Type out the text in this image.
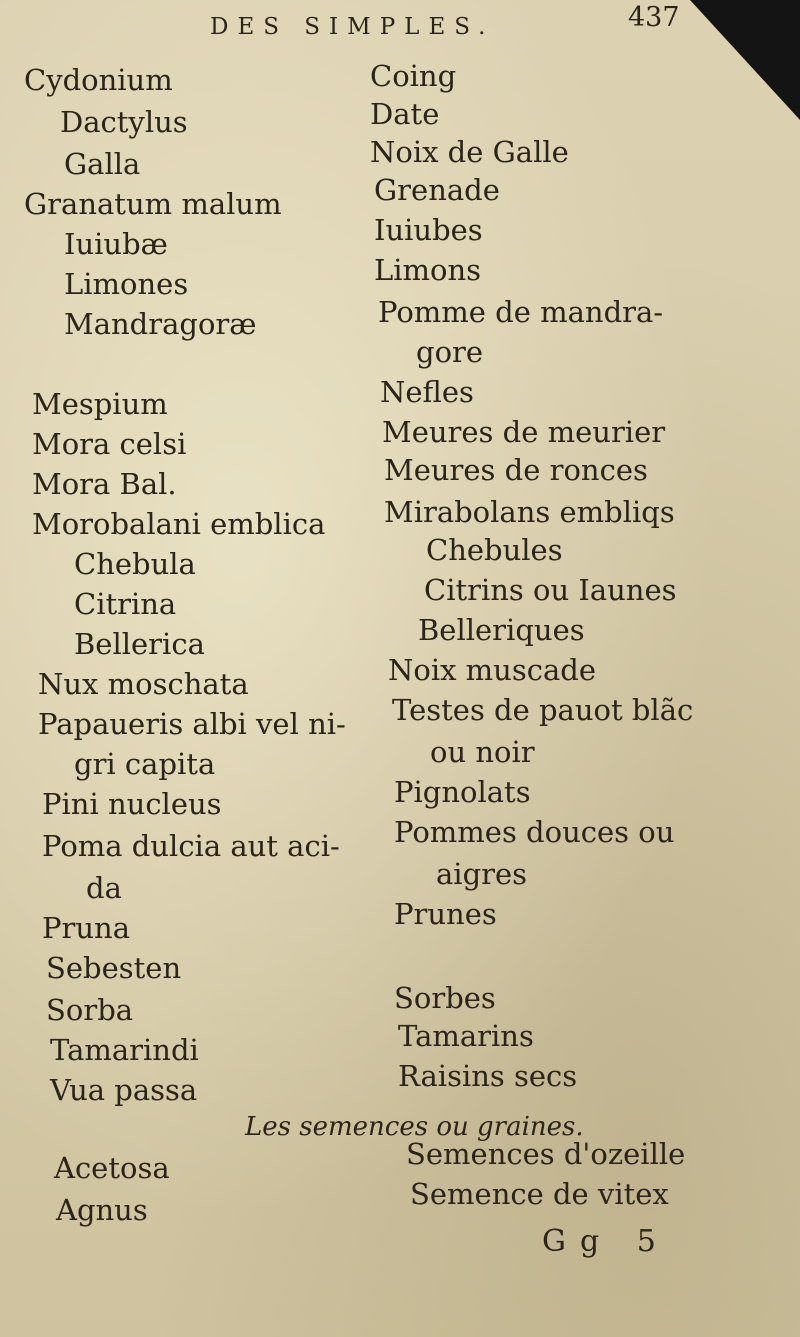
DES SIMPLES.	437
Cydonium
Dactylus
Galla
Granatum malum
Iuiubæ
Limones
Mandragoræ
Mespium
Mora celsi
Mora Bal.
Morobalani emblica
Chebula
Citrina
Bellerica
Nux moschata
Papaueris albi vel ni-
gri capita
Pini nucleus
Poma dulcia aut aci-
da
Pruna
Sebesten
Sorba
Tamarindi
Vua passa
Acetosa
Agnus
Coing
Date
Noix de Galle
Grenade
Iuiubes
Limons
Pomme de mandra-
gore
Nefles
Meures de meurier
Meures de ronces
Mirabolans embliqs
Chebules
Citrins ou Iaunes
Belleriques
Noix muscade
Testes de pauot blãc
ou noir
Pignolats
Pommes douces ou
aigres
Prunes
Sorbes
Tamarins
Raisins secs
Semences d'ozeille
Semence de vitex
Les semences ou graines.
Gg 5
